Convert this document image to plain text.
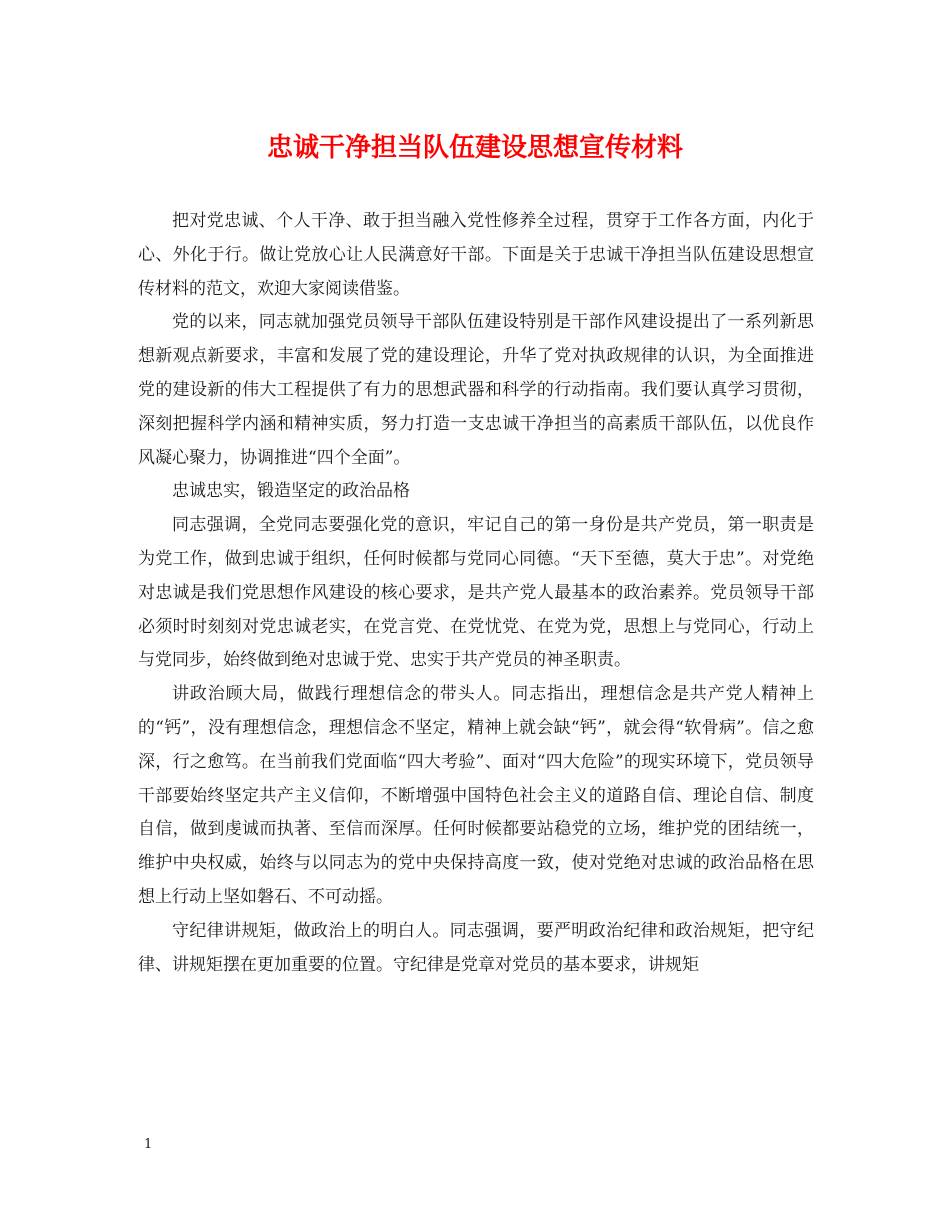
忠诚干净担当队伍建设思想宣传材料

把对党忠诚、个人干净、敢于担当融入党性修养全过程，贯穿于工作各方面，内化于心、外化于行。做让党放心让人民满意好干部。下面是关于忠诚干净担当队伍建设思想宣传材料的范文，欢迎大家阅读借鉴。

党的以来，同志就加强党员领导干部队伍建设特别是干部作风建设提出了一系列新思想新观点新要求，丰富和发展了党的建设理论，升华了党对执政规律的认识，为全面推进党的建设新的伟大工程提供了有力的思想武器和科学的行动指南。我们要认真学习贯彻，深刻把握科学内涵和精神实质，努力打造一支忠诚干净担当的高素质干部队伍，以优良作风凝心聚力，协调推进“四个全面”。

忠诚忠实，锻造坚定的政治品格

同志强调，全党同志要强化党的意识，牢记自己的第一身份是共产党员，第一职责是为党工作，做到忠诚于组织，任何时候都与党同心同德。“天下至德，莫大于忠”。对党绝对忠诚是我们党思想作风建设的核心要求，是共产党人最基本的政治素养。党员领导干部必须时时刻刻对党忠诚老实，在党言党、在党忧党、在党为党，思想上与党同心，行动上与党同步，始终做到绝对忠诚于党、忠实于共产党员的神圣职责。

讲政治顾大局，做践行理想信念的带头人。同志指出，理想信念是共产党人精神上的“钙”，没有理想信念，理想信念不坚定，精神上就会缺“钙”，就会得“软骨病”。信之愈深，行之愈笃。在当前我们党面临“四大考验”、面对“四大危险”的现实环境下，党员领导干部要始终坚定共产主义信仰，不断增强中国特色社会主义的道路自信、理论自信、制度自信，做到虔诚而执著、至信而深厚。任何时候都要站稳党的立场，维护党的团结统一，维护中央权威，始终与以同志为的党中央保持高度一致，使对党绝对忠诚的政治品格在思想上行动上坚如磐石、不可动摇。

守纪律讲规矩，做政治上的明白人。同志强调，要严明政治纪律和政治规矩，把守纪律、讲规矩摆在更加重要的位置。守纪律是党章对党员的基本要求，讲规矩

1
